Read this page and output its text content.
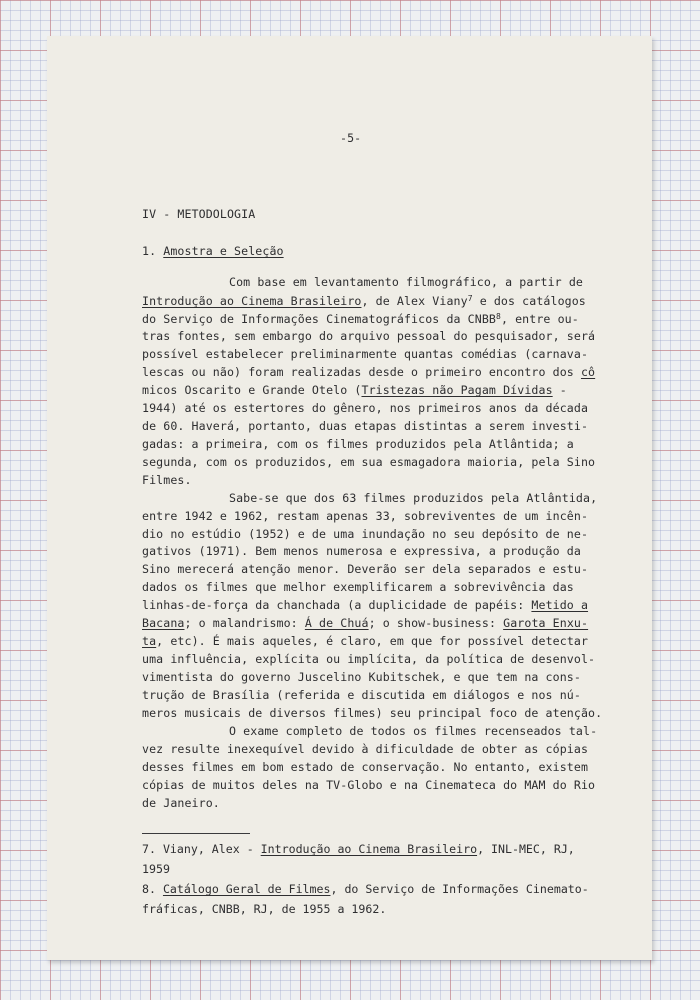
-5-
IV - METODOLOGIA
1. Amostra e Seleção
Com base em levantamento filmográfico, a partir de
Introdução ao Cinema Brasileiro, de Alex Viany$^7$ e dos catálogos
do Serviço de Informações Cinematográficos da CNBB$^8$, entre ou-
tras fontes, sem embargo do arquivo pessoal do pesquisador, será
possível estabelecer preliminarmente quantas comédias (carnava-
lescas ou não) foram realizadas desde o primeiro encontro dos cô
micos Oscarito e Grande Otelo (Tristezas não Pagam Dívidas -
1944) até os estertores do gênero, nos primeiros anos da década
de 60. Haverá, portanto, duas etapas distintas a serem investi-
gadas: a primeira, com os filmes produzidos pela Atlântida; a
segunda, com os produzidos, em sua esmagadora maioria, pela Sino
Filmes.
Sabe-se que dos 63 filmes produzidos pela Atlântida,
entre 1942 e 1962, restam apenas 33, sobreviventes de um incên-
dio no estúdio (1952) e de uma inundação no seu depósito de ne-
gativos (1971). Bem menos numerosa e expressiva, a produção da
Sino merecerá atenção menor. Deverão ser dela separados e estu-
dados os filmes que melhor exemplificarem a sobrevivência das
linhas-de-força da chanchada (a duplicidade de papéis: Metido a
Bacana; o malandrismo: Á de Chuá; o show-business: Garota Enxu-
ta, etc). É mais aqueles, é claro, em que for possível detectar
uma influência, explícita ou implícita, da política de desenvol-
vimentista do governo Juscelino Kubitschek, e que tem na cons-
trução de Brasília (referida e discutida em diálogos e nos nú-
meros musicais de diversos filmes) seu principal foco de atenção.
O exame completo de todos os filmes recenseados tal-
vez resulte inexequível devido à dificuldade de obter as cópias
desses filmes em bom estado de conservação. No entanto, existem
cópias de muitos deles na TV-Globo e na Cinemateca do MAM do Rio
de Janeiro.
7. Viany, Alex - Introdução ao Cinema Brasileiro, INL-MEC, RJ,
1959
8. Catálogo Geral de Filmes, do Serviço de Informações Cinemato-
fráficas, CNBB, RJ, de 1955 a 1962.
